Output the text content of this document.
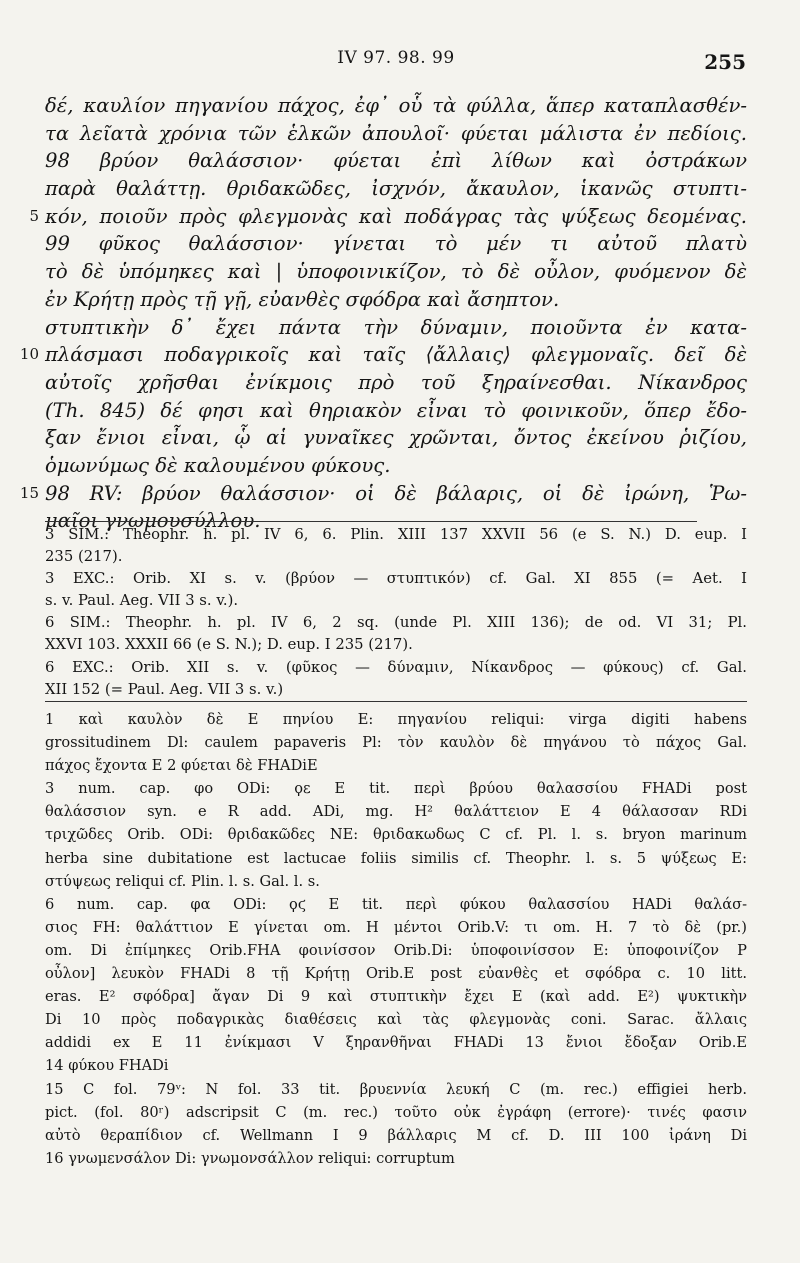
IV 97. 98. 99	255
δέ, καυλίον πηγανίου πάχος, ἐφ᾽ οὗ τὰ φύλλα, ἅπερ καταπλασθέν-
τα λεῖατὰ χρόνια τῶν ἑλκῶν ἀπουλοῖ· φύεται μάλιστα ἐν πεδίοις.
98 βρύον θαλάσσιον· φύεται ἐπὶ λίθων καὶ ὀστράκων
παρὰ θαλάττῃ. θριδακῶδες, ἰσχνόν, ἄκαυλον, ἱκανῶς στυπτι-
5 κόν, ποιοῦν πρὸς φλεγμονὰς καὶ ποδάγρας τὰς ψύξεως δεομένας.
99 φῦκος θαλάσσιον· γίνεται τὸ μέν τι αὐτοῦ πλατὺ
τὸ δὲ ὑπόμηκες καὶ | ὑποφοινικίζον, τὸ δὲ οὖλον, φυόμενον δὲ
ἐν Κρήτῃ πρὸς τῇ γῇ, εὐανθὲς σφόδρα καὶ ἄσηπτον.
στυπτικὴν δ᾽ ἔχει πάντα τὴν δύναμιν, ποιοῦντα ἐν κατα-
10 πλάσμασι ποδαγρικοῖς καὶ ταῖς ⟨ἄλλαις⟩ φλεγμοναῖς. δεῖ δὲ
αὐτοῖς χρῆσθαι ἐνίκμοις πρὸ τοῦ ξηραίνεσθαι. Νίκανδρος
(Th. 845) δέ φησι καὶ θηριακὸν εἶναι τὸ φοινικοῦν, ὅπερ ἔδο-
ξαν ἔνιοι εἶναι, ᾧ αἱ γυναῖκες χρῶνται, ὄντος ἐκείνου ῥιζίου,
ὁμωνύμως δὲ καλουμένου φύκους.
15 98 RV: βρύον θαλάσσιον· οἱ δὲ βάλαρις, οἱ δὲ ἰρώνη, Ῥω-
μαῖοι γνωμουσύλλου.
3 SIM.: Theophr. h. pl. IV 6, 6. Plin. XIII 137 XXVII 56 (e S. N.) D. eup. I
235 (217).
3 EXC.: Orib. XI s. v. (βρύον — στυπτικόν) cf. Gal. XI 855 (= Aet. I
s. v. Paul. Aeg. VII 3 s. v.).
6 SIM.: Theophr. h. pl. IV 6, 2 sq. (unde Pl. XIII 136); de od. VI 31; Pl.
XXVI 103. XXXII 66 (e S. N.); D. eup. I 235 (217).
6 EXC.: Orib. XII s. v. (φῦκος — δύναμιν, Νίκανδρος — φύκους) cf. Gal.
XII 152 (= Paul. Aeg. VII 3 s. v.)
1 καὶ καυλὸν δὲ E πηνίου E: πηγανίου reliqui: virga digiti habens
grossitudinem Dl: caulem papaveris Pl: τὸν καυλὸν δὲ πηγάνου τὸ πάχος Gal.
πάχος ἔχοντα E 2 φύεται δὲ FHADiE
3 num. cap. φο ODi: ϙε E tit. περὶ βρύου θαλασσίου FHADi post
θαλάσσιον syn. e R add. ADi, mg. H² θαλάττειον E 4 θάλασσαν RDi
τριχῶδες Orib. ODi: θριδακῶδες NE: θριδακωδως C cf. Pl. l. s. bryon marinum
herba sine dubitatione est lactucae foliis similis cf. Theophr. l. s. 5 ψύξεως E:
στύψεως reliqui cf. Plin. l. s. Gal. l. s.
6 num. cap. φα ODi: ϙϛ E tit. περὶ φύκου θαλασσίου HADi θαλάσ-
σιος FH: θαλάττιον E γίνεται om. H μέντοι Orib.V: τι om. H. 7 τὸ δὲ (pr.)
om. Di ἐπίμηκες Orib.FHA φοινίσσον Orib.Di: ὑποφοινίσσον E: ὑποφοινίζον P
οὖλον] λευκὸν FHADi 8 τῇ Κρήτῃ Orib.E post εὐανθὲς et σφόδρα c. 10 litt.
eras. E² σφόδρα] ἄγαν Di 9 καὶ στυπτικὴν ἔχει E (καὶ add. E²) ψυκτικὴν
Di 10 πρὸς ποδαγρικὰς διαθέσεις καὶ τὰς φλεγμονὰς coni. Sarac. ἄλλαις
addidi ex E 11 ἐνίκμασι V ξηρανθῆναι FHADi 13 ἔνιοι ἔδοξαν Orib.E
14 φύκου FHADi
15 C fol. 79ᵛ: N fol. 33 tit. βρυεννία λευκή C (m. rec.) effigiei herb.
pict. (fol. 80ʳ) adscripsit C (m. rec.) τοῦτο οὐκ ἐγράφη (errore)· τινές φασιν
αὐτὸ θεραπίδιον cf. Wellmann I 9 βάλλαρις M cf. D. III 100 ἰράνη Di
16 γνωμενσάλον Di: γνωμονσάλλον reliqui: corruptum
